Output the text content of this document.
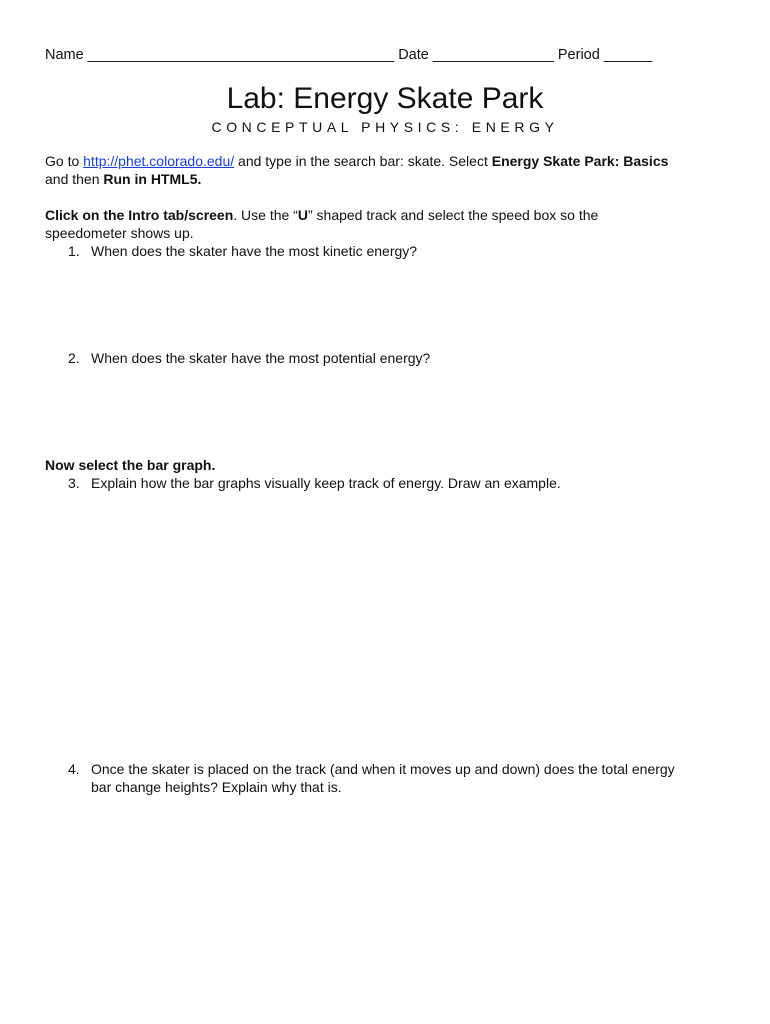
Name ______________________________________ Date _______________ Period ______
Lab: Energy Skate Park
CONCEPTUAL PHYSICS: ENERGY
Go to http://phet.colorado.edu/ and type in the search bar: skate. Select Energy Skate Park: Basics
and then Run in HTML5.
Click on the Intro tab/screen. Use the “U” shaped track and select the speed box so the
speedometer shows up.
1. When does the skater have the most kinetic energy?
2. When does the skater have the most potential energy?
Now select the bar graph.
3. Explain how the bar graphs visually keep track of energy. Draw an example.
4. Once the skater is placed on the track (and when it moves up and down) does the total energy
bar change heights? Explain why that is.
